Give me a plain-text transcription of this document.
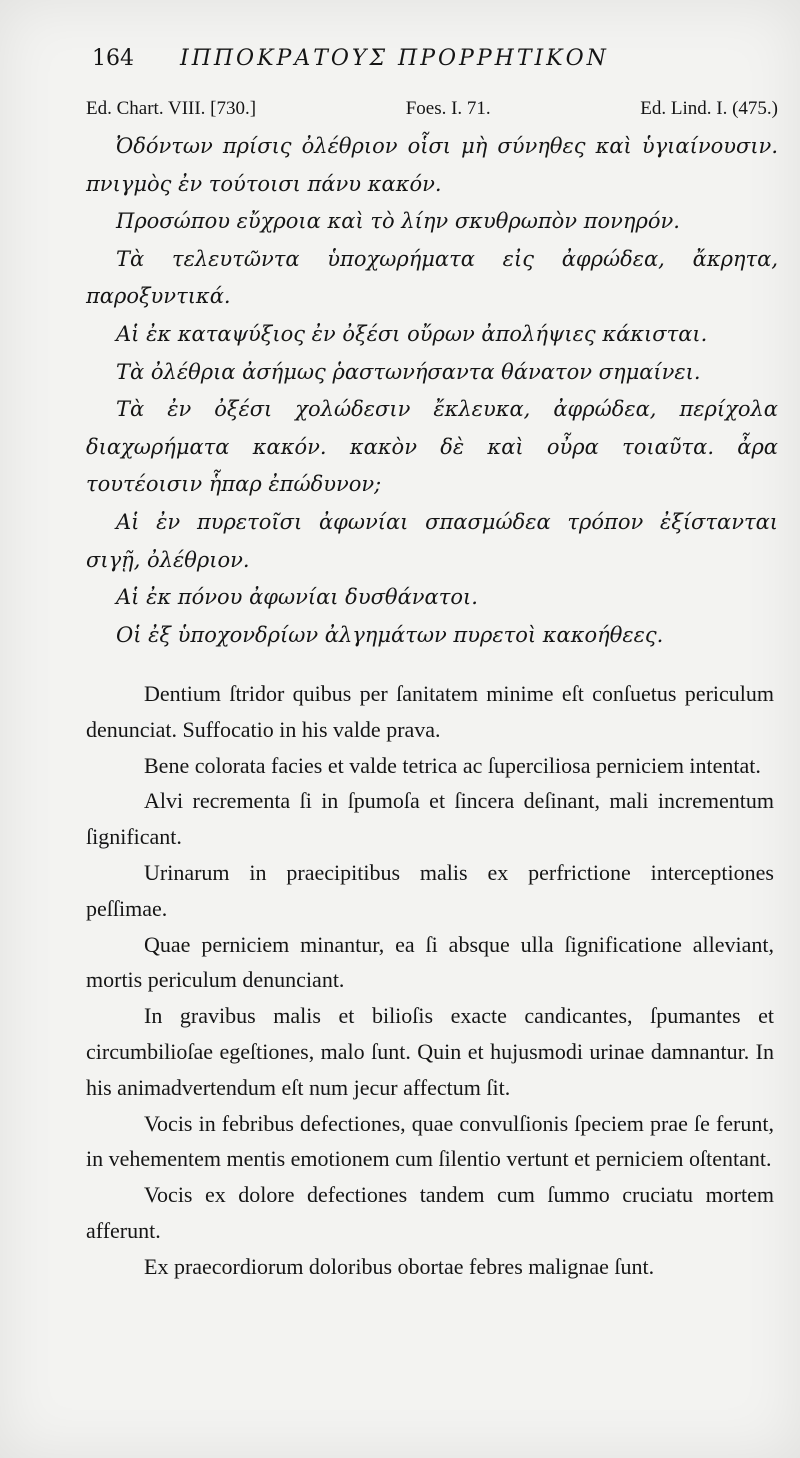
164 ΙΠΠΟΚΡΑΤΟΥΣ ΠΡΟΡΡΗΤΙΚΟΝ
Ed. Chart. VIII. [730.]	Foes. I. 71.	Ed. Lind. I. (475.)

Ὀδόντων πρίσις ὀλέθριον οἷσι μὴ σύνηθες καὶ ὑγιαίνουσιν. πνιγμὸς ἐν τούτοισι πάνυ κακόν.

Προσώπου εὔχροια καὶ τὸ λίην σκυθρωπὸν πονηρόν.

Τὰ τελευτῶντα ὑποχωρήματα εἰς ἀφρώδεα, ἄκρητα, παροξυντικά.

Αἱ ἐκ καταψύξιος ἐν ὀξέσι οὔρων ἀπολήψιες κάκισται.

Τὰ ὀλέθρια ἀσήμως ῥαστωνήσαντα θάνατον σημαίνει.

Τὰ ἐν ὀξέσι χολώδεσιν ἔκλευκα, ἀφρώδεα, περίχολα διαχωρήματα κακόν. κακὸν δὲ καὶ οὖρα τοιαῦτα. ἆρα τουτέοισιν ἧπαρ ἐπώδυνον;

Αἱ ἐν πυρετοῖσι ἀφωνίαι σπασμώδεα τρόπον ἐξίστανται σιγῇ, ὀλέθριον.

Αἱ ἐκ πόνου ἀφωνίαι δυσθάνατοι.

Οἱ ἐξ ὑποχονδρίων ἀλγημάτων πυρετοὶ κακοήθεες.

Dentium ſtridor quibus per ſanitatem minime eſt conſuetus periculum denunciat. Suffocatio in his valde prava.

Bene colorata facies et valde tetrica ac ſuperciliosa perniciem intentat.

Alvi recrementa ſi in ſpumoſa et ſincera deſinant, mali incrementum ſignificant.

Urinarum in praecipitibus malis ex perfrictione interceptiones peſſimae.

Quae perniciem minantur, ea ſi absque ulla ſignificatione alleviant, mortis periculum denunciant.

In gravibus malis et bilioſis exacte candicantes, ſpumantes et circumbilioſae egeſtiones, malo ſunt. Quin et hujusmodi urinae damnantur. In his animadvertendum eſt num jecur affectum ſit.

Vocis in febribus defectiones, quae convulſionis ſpeciem prae ſe ferunt, in vehementem mentis emotionem cum ſilentio vertunt et perniciem oſtentant.

Vocis ex dolore defectiones tandem cum ſummo cruciatu mortem afferunt.

Ex praecordiorum doloribus obortae febres malignae ſunt.
